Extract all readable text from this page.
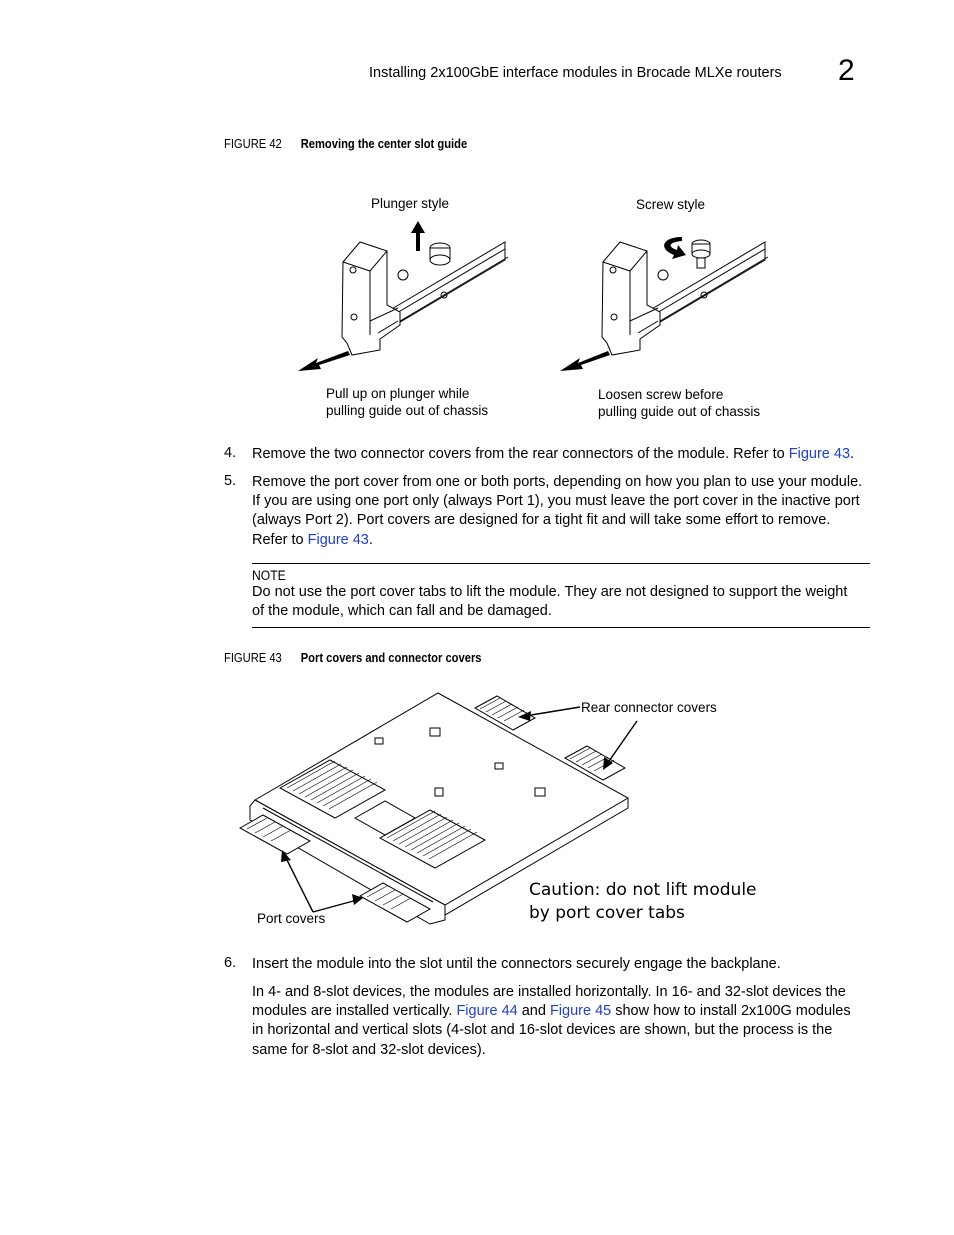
Installing 2x100GbE interface modules in Brocade MLXe routers 2
FIGURE 42 Removing the center slot guide
Plunger style	Screw style
Pull up on plunger while
pulling guide out of chassis
Loosen screw before
pulling guide out of chassis
4. Remove the two connector covers from the rear connectors of the module. Refer to Figure 43.
5. Remove the port cover from one or both ports, depending on how you plan to use your module.
If you are using one port only (always Port 1), you must leave the port cover in the inactive port
(always Port 2). Port covers are designed for a tight fit and will take some effort to remove.
Refer to Figure 43.
NOTE
Do not use the port cover tabs to lift the module. They are not designed to support the weight
of the module, which can fall and be damaged.
FIGURE 43 Port covers and connector covers
Rear connector covers
Port covers
Caution: do not lift module
by port cover tabs
6. Insert the module into the slot until the connectors securely engage the backplane.
In 4- and 8-slot devices, the modules are installed horizontally. In 16- and 32-slot devices the
modules are installed vertically. Figure 44 and Figure 45 show how to install 2x100G modules
in horizontal and vertical slots (4-slot and 16-slot devices are shown, but the process is the
same for 8-slot and 32-slot devices).
